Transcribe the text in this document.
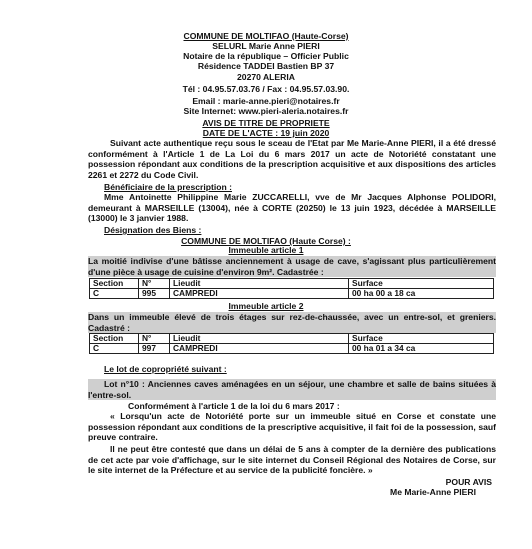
COMMUNE DE MOLTIFAO (Haute-Corse)
SELURL Marie Anne PIERI
Notaire de la république – Officier Public
Résidence TADDEI Bastien BP 37
20270 ALERIA
Tél : 04.95.57.03.76 / Fax : 04.95.57.03.90.
Email : marie-anne.pieri@notaires.fr
Site Internet: www.pieri-aleria.notaires.fr
AVIS DE TITRE DE PROPRIETE
DATE DE L'ACTE : 19 juin 2020
Suivant acte authentique reçu sous le sceau de l'Etat par Me Marie-Anne PIERI, il a été dressé conformément à l'Article 1 de La Loi du 6 mars 2017 un acte de Notoriété constatant une possession répondant aux conditions de la prescription acquisitive et aux dispositions des articles 2261 et 2272 du Code Civil.
Bénéficiaire de la prescription :
Mme Antoinette Philippine Marie ZUCCARELLI, vve de Mr Jacques Alphonse POLIDORI, demeurant à MARSEILLE (13004), née à CORTE (20250) le 13 juin 1923, décédée à MARSEILLE (13000) le 3 janvier 1988.
Désignation des Biens :
COMMUNE DE MOLTIFAO (Haute Corse) :
Immeuble article 1
La moitié indivise d'une bâtisse anciennement à usage de cave, s'agissant plus particulièrement d'une pièce à usage de cuisine d'environ 9m². Cadastrée :
Section	N°	Lieudit	Surface
C	995	CAMPREDI	00 ha 00 a 18 ca
Immeuble article 2
Dans un immeuble élevé de trois étages sur rez-de-chaussée, avec un entre-sol, et greniers. Cadastré :
Section	N°	Lieudit	Surface
C	997	CAMPREDI	00 ha 01 a 34 ca
Le lot de copropriété suivant :
Lot n°10 : Anciennes caves aménagées en un séjour, une chambre et salle de bains situées à l'entre-sol.
Conformément à l'article 1 de la loi du 6 mars 2017 :
« Lorsqu'un acte de Notoriété porte sur un immeuble situé en Corse et constate une possession répondant aux conditions de la prescriptive acquisitive, il fait foi de la possession, sauf preuve contraire.
Il ne peut être contesté que dans un délai de 5 ans à compter de la dernière des publications de cet acte par voie d'affichage, sur le site internet du Conseil Régional des Notaires de Corse, sur le site internet de la Préfecture et au service de la publicité foncière. »
POUR AVIS
Me Marie-Anne PIERI
